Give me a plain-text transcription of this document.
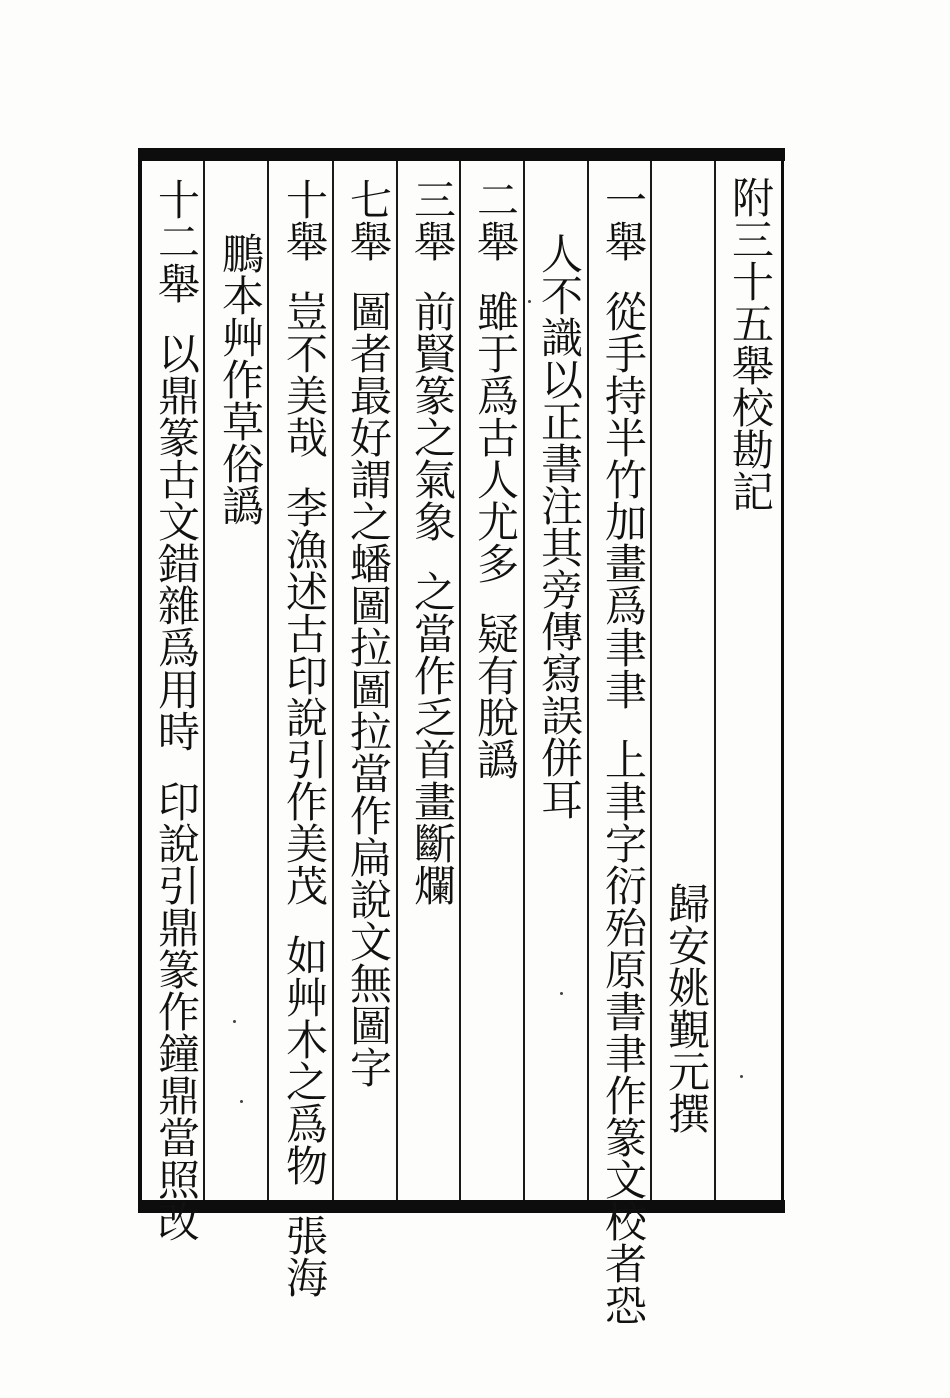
附三十五舉校勘記
歸安姚覲元撰
一舉從手持半竹加畫爲聿聿上聿字衍殆原書聿作篆文校者恐
人不識以正書注其旁傳寫誤併耳
二舉雖于爲古人尤多疑有脫譌
三舉前賢篆之氣象之當作乏首畫斷爛
七舉圖者最好謂之蟠圖拉圖拉當作扁說文無圖字
十舉豈不美哉李漁述古印說引作美茂如艸木之爲物張海
鵬本艸作草俗譌
十二舉以鼎篆古文錯雜爲用時印說引鼎篆作鐘鼎當照改
